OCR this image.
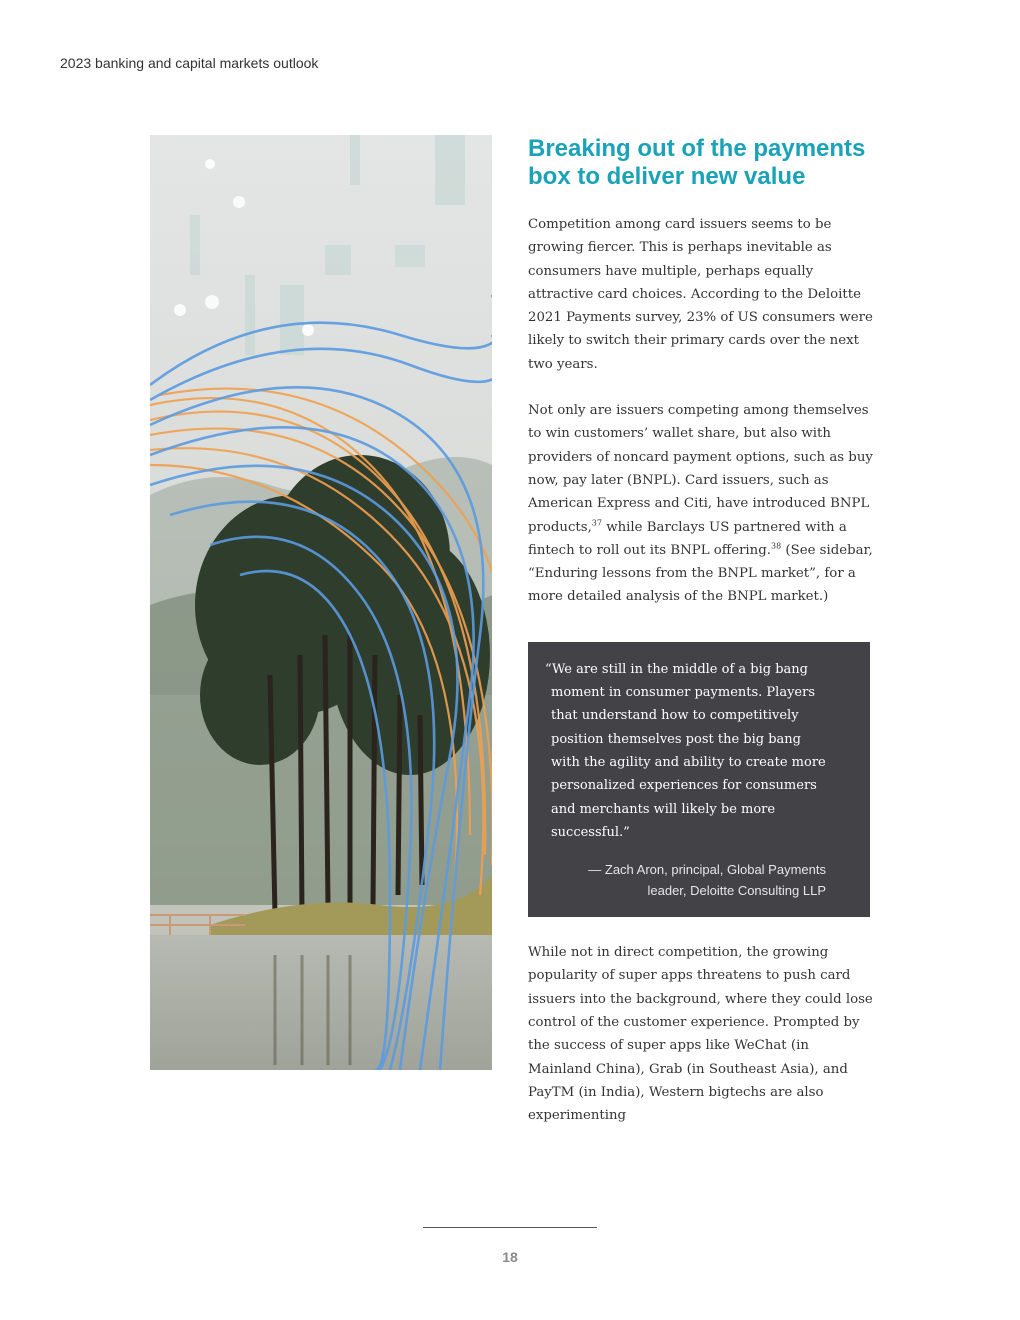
2023 banking and capital markets outlook
Breaking out of the payments box to deliver new value

Competition among card issuers seems to be growing fiercer. This is perhaps inevitable as consumers have multiple, perhaps equally attractive card choices. According to the Deloitte 2021 Payments survey, 23% of US consumers were likely to switch their primary cards over the next two years.

Not only are issuers competing among themselves to win customers’ wallet share, but also with providers of noncard payment options, such as buy now, pay later (BNPL). Card issuers, such as American Express and Citi, have introduced BNPL products,$^{37}$ while Barclays US partnered with a fintech to roll out its BNPL offering.$^{38}$ (See sidebar, “Enduring lessons from the BNPL market”, for a more detailed analysis of the BNPL market.)

“We are still in the middle of a big bang moment in consumer payments. Players that understand how to competitively position themselves post the big bang with the agility and ability to create more personalized experiences for consumers and merchants will likely be more successful.”

— Zach Aron, principal, Global Payments
leader, Deloitte Consulting LLP

While not in direct competition, the growing popularity of super apps threatens to push card issuers into the background, where they could lose control of the customer experience. Prompted by the success of super apps like WeChat (in Mainland China), Grab (in Southeast Asia), and PayTM (in India), Western bigtechs are also experimenting

18
